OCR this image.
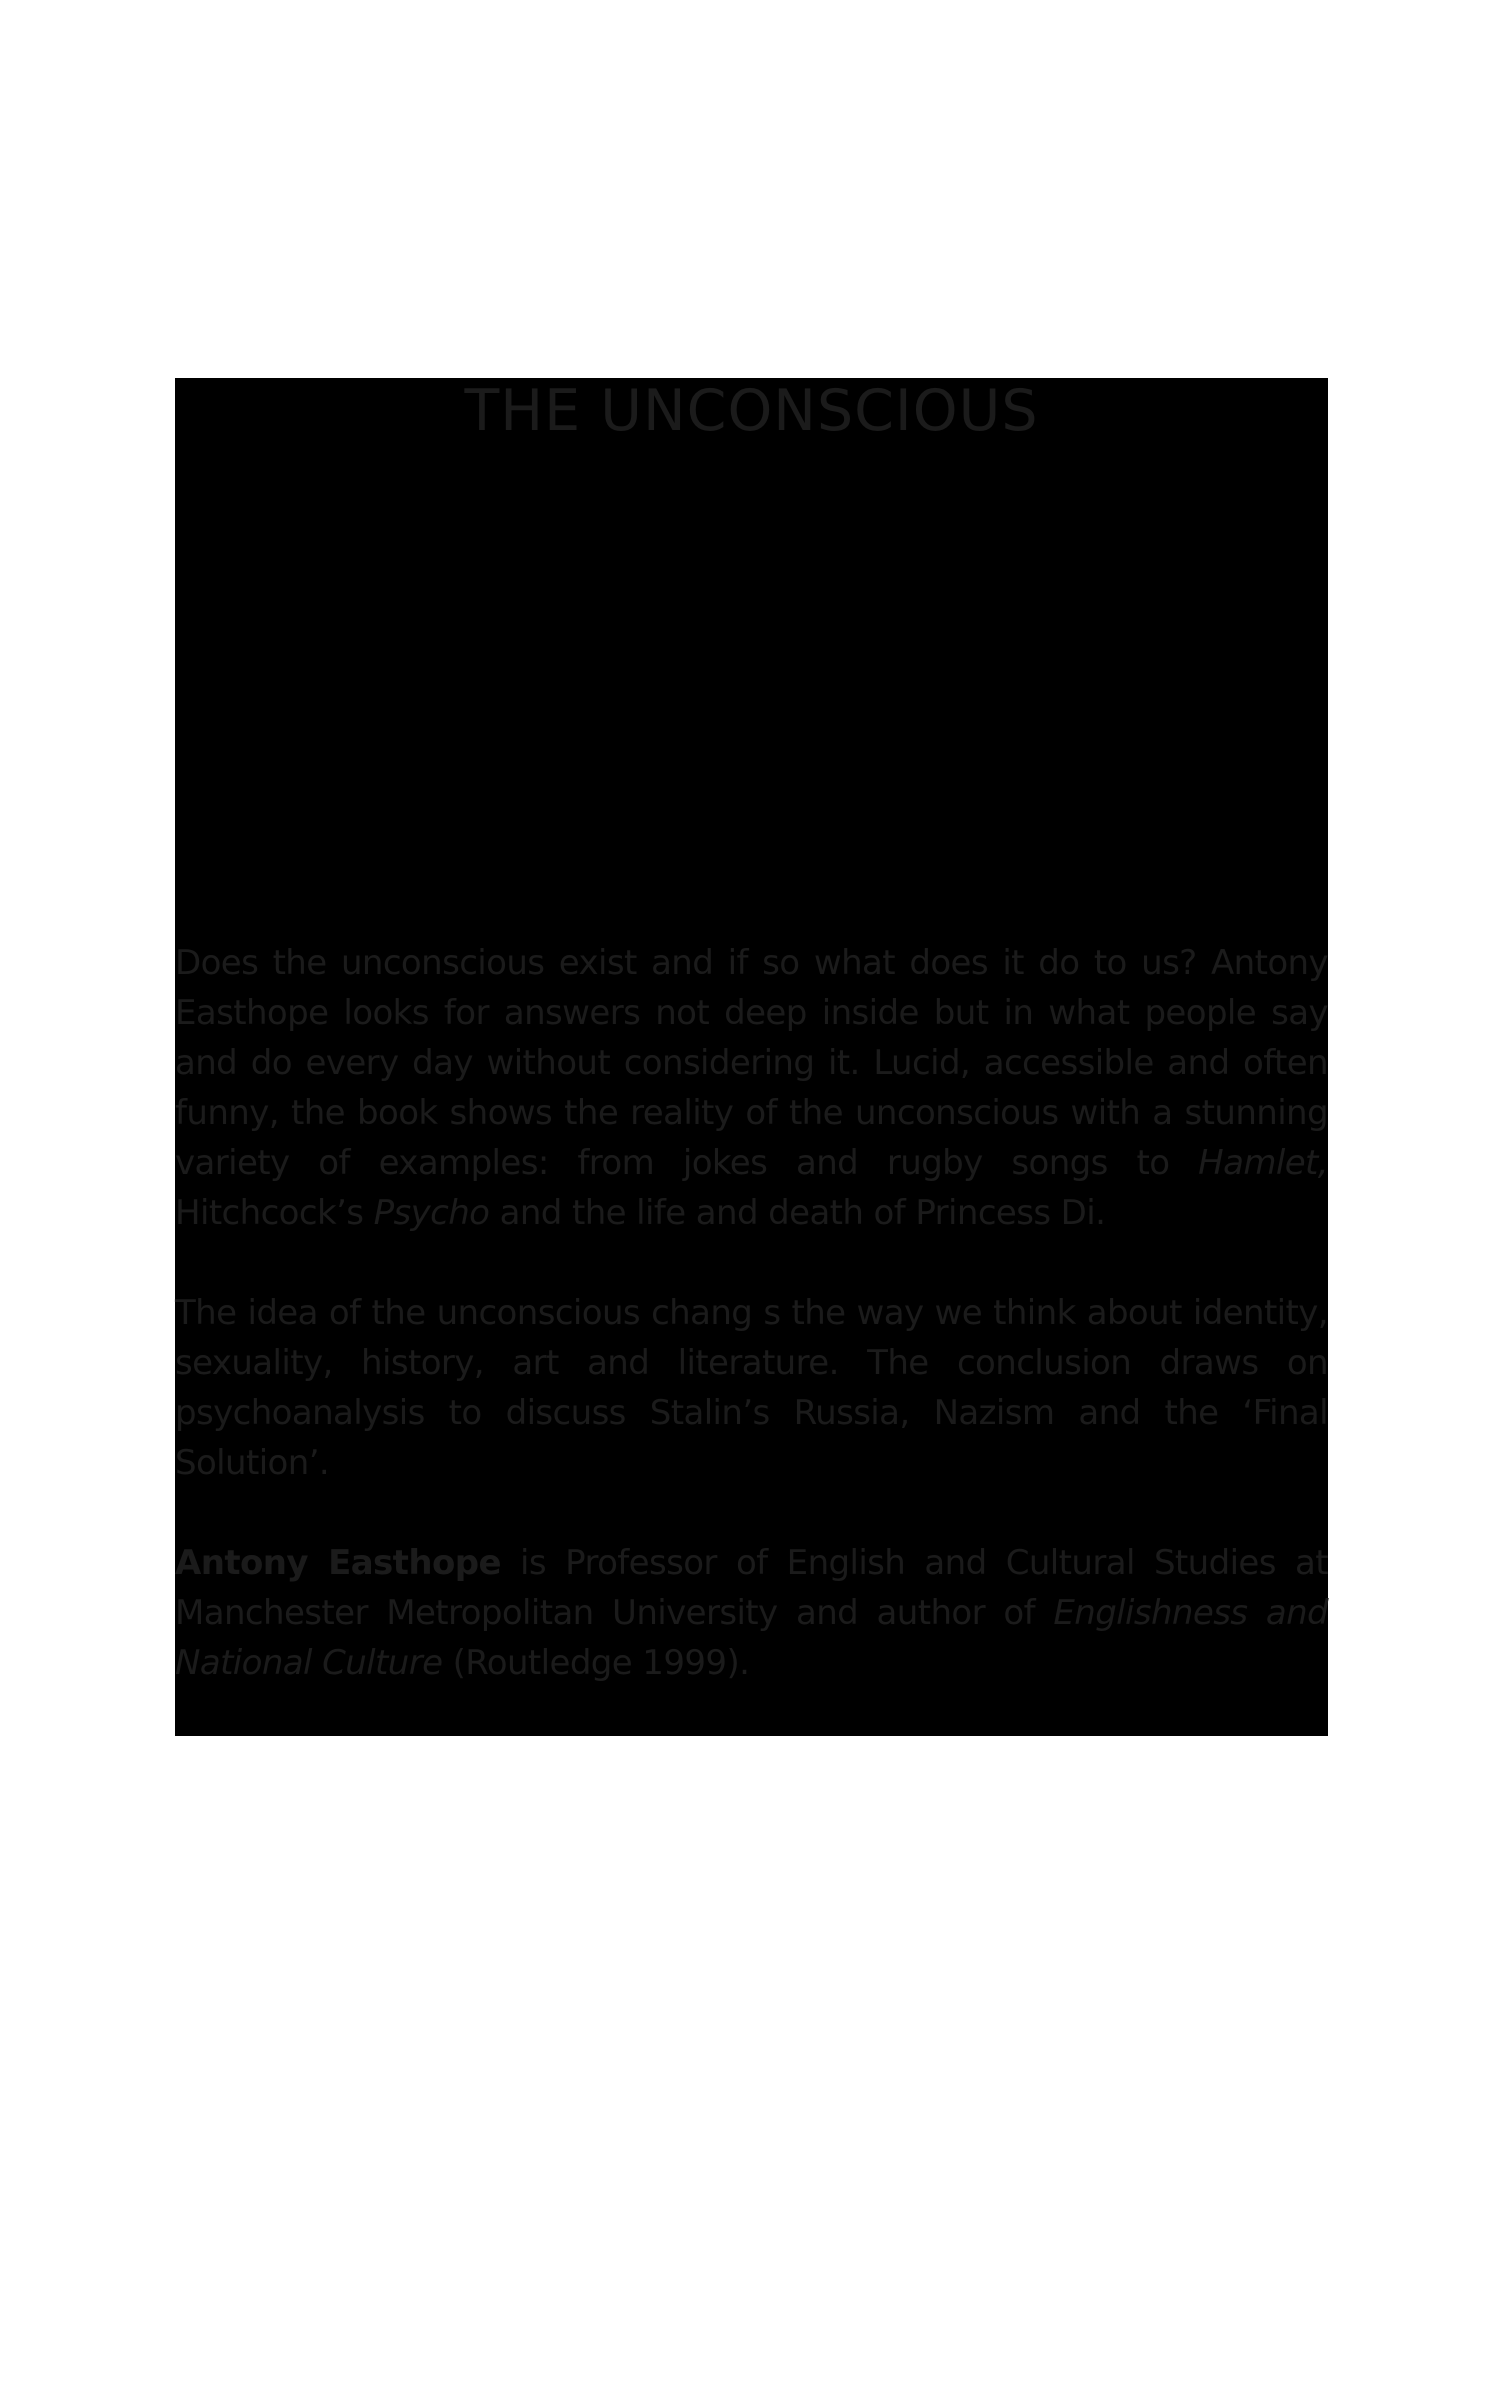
THE UNCONSCIOUS

Does the unconscious exist and if so what does it do to us? Antony Easthope looks for answers not deep inside but in what people say and do every day without considering it. Lucid, accessible and often funny, the book shows the reality of the unconscious with a stunning variety of examples: from jokes and rugby songs to Hamlet, Hitchcock’s Psycho and the life and death of Princess Di.

The idea of the unconscious chang s the way we think about identity, sexuality, history, art and literature. The conclusion draws on psychoanalysis to discuss Stalin’s Russia, Nazism and the ‘Final Solution’.

Antony Easthope is Professor of English and Cultural Studies at Manchester Metropolitan University and author of Englishness and National Culture (Routledge 1999).
